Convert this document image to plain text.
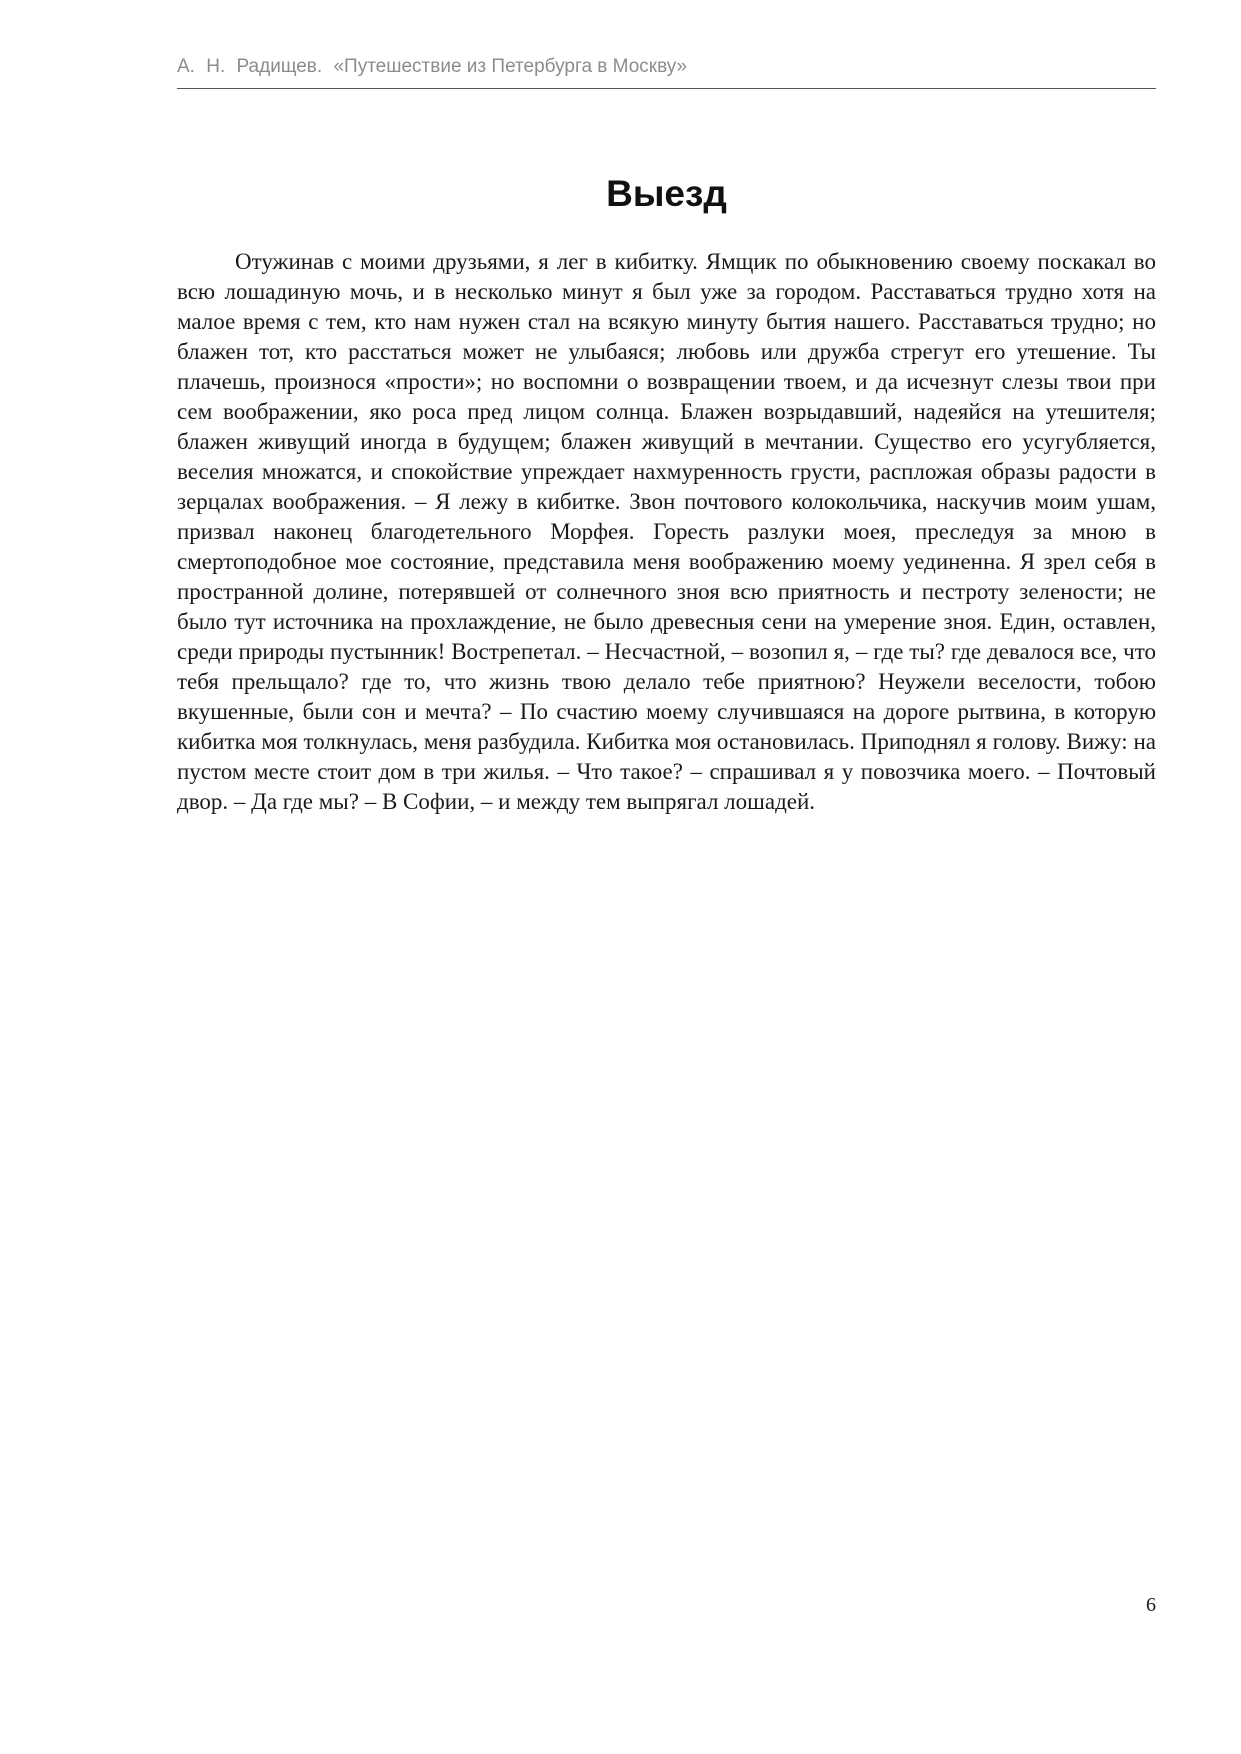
А. Н. Радищев. «Путешествие из Петербурга в Москву»
Выезд

Отужинав с моими друзьями, я лег в кибитку. Ямщик по обыкновению своему поскакал во всю лошадиную мочь, и в несколько минут я был уже за городом. Расставаться трудно хотя на малое время с тем, кто нам нужен стал на всякую минуту бытия нашего. Расставаться трудно; но блажен тот, кто расстаться может не улыбаяся; любовь или дружба стрегут его утешение. Ты плачешь, произнося «прости»; но воспомни о возвращении твоем, и да исчезнут слезы твои при сем воображении, яко роса пред лицом солнца. Блажен возрыдавший, надеяйся на утешителя; блажен живущий иногда в будущем; блажен живущий в мечтании. Существо его усугубляется, веселия множатся, и спокойствие упреждает нахмуренность грусти, распложая образы радости в зерцалах воображения. – Я лежу в кибитке. Звон почтового колокольчика, наскучив моим ушам, призвал наконец благодетельного Морфея. Горесть разлуки моея, преследуя за мною в смертоподобное мое состояние, представила меня воображению моему уединенна. Я зрел себя в пространной долине, потерявшей от солнечного зноя всю приятность и пестроту зелености; не было тут источника на прохлаждение, не было древесныя сени на умерение зноя. Един, оставлен, среди природы пустынник! Вострепетал. – Несчастной, – возопил я, – где ты? где девалося все, что тебя прельщало? где то, что жизнь твою делало тебе приятною? Неужели веселости, тобою вкушенные, были сон и мечта? – По счастию моему случившаяся на дороге рытвина, в которую кибитка моя толкнулась, меня разбудила. Кибитка моя остановилась. Приподнял я голову. Вижу: на пустом месте стоит дом в три жилья. – Что такое? – спрашивал я у повозчика моего. – Почтовый двор. – Да где мы? – В Софии, – и между тем выпрягал лошадей.

6
